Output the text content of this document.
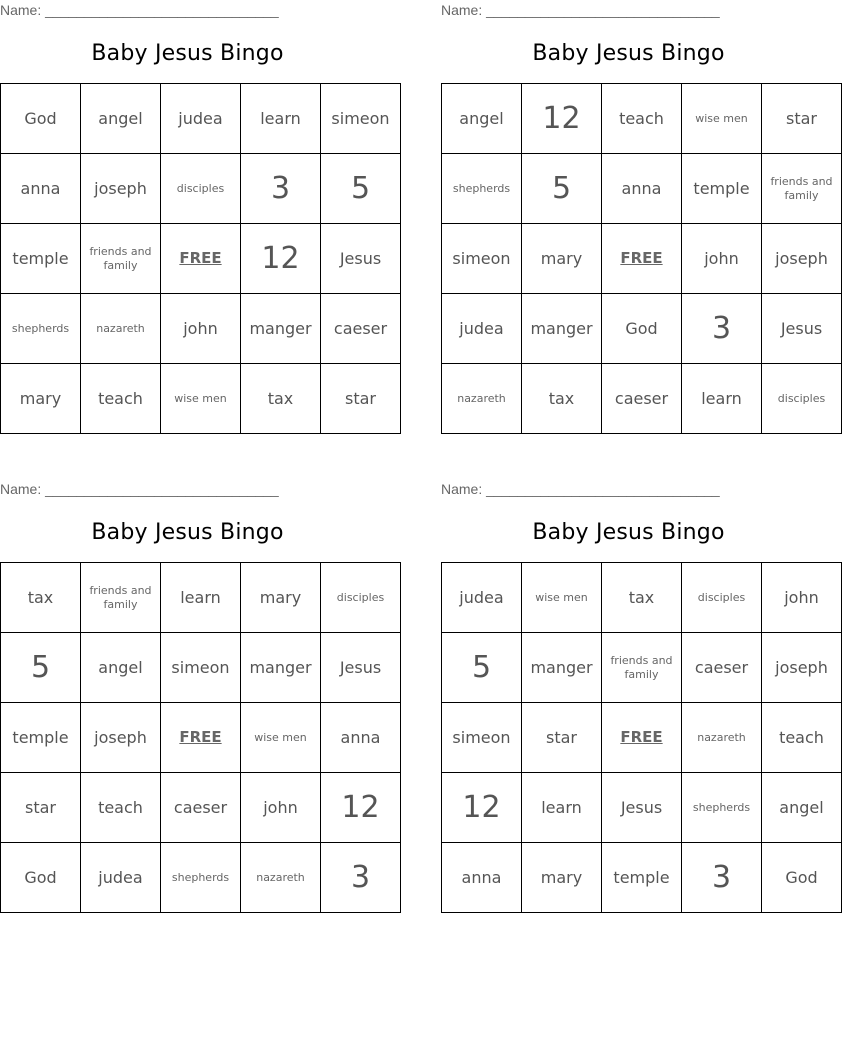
Name: ______________________________
Baby Jesus Bingo
God	angel	judea	learn	simeon
anna	joseph	disciples	3	5
temple	friends and family	FREE	12	Jesus
shepherds	nazareth	john	manger	caeser
mary	teach	wise men	tax	star
Name: ______________________________
Baby Jesus Bingo
angel	12	teach	wise men	star
shepherds	5	anna	temple	friends and family
simeon	mary	FREE	john	joseph
judea	manger	God	3	Jesus
nazareth	tax	caeser	learn	disciples
Name: ______________________________
Baby Jesus Bingo
tax	friends and family	learn	mary	disciples
5	angel	simeon	manger	Jesus
temple	joseph	FREE	wise men	anna
star	teach	caeser	john	12
God	judea	shepherds	nazareth	3
Name: ______________________________
Baby Jesus Bingo
judea	wise men	tax	disciples	john
5	manger	friends and family	caeser	joseph
simeon	star	FREE	nazareth	teach
12	learn	Jesus	shepherds	angel
anna	mary	temple	3	God
